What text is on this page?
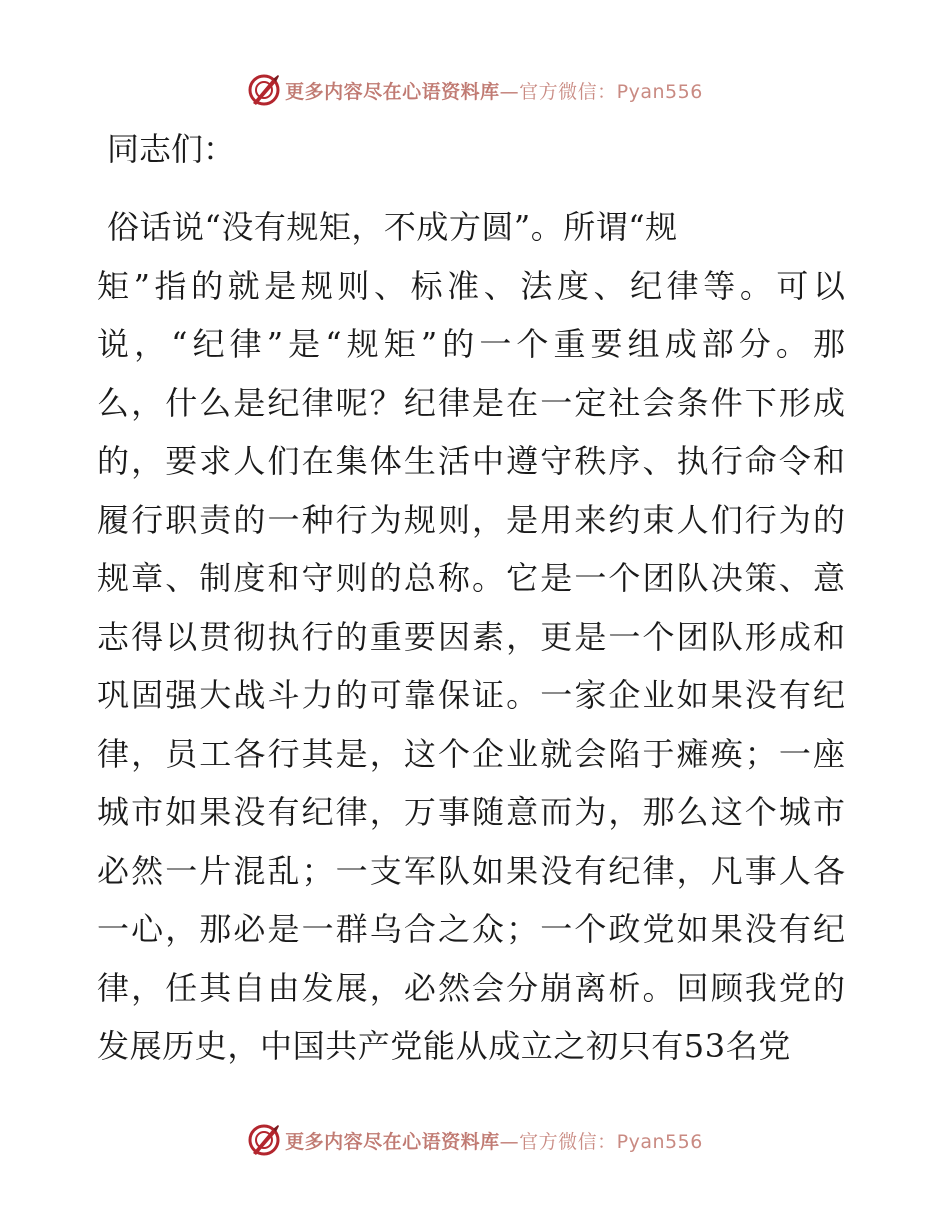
更多内容尽在心语资料库—官方微信：Pyan556

同志们：

俗话说“没有规矩，不成方圆”。所谓“规

矩”指的就是规则、标准、法度、纪律等。可以

说，“纪律”是“规矩”的一个重要组成部分。那

么，什么是纪律呢？纪律是在一定社会条件下形成

的，要求人们在集体生活中遵守秩序、执行命令和

履行职责的一种行为规则，是用来约束人们行为的

规章、制度和守则的总称。它是一个团队决策、意

志得以贯彻执行的重要因素，更是一个团队形成和

巩固强大战斗力的可靠保证。一家企业如果没有纪

律，员工各行其是，这个企业就会陷于瘫痪；一座

城市如果没有纪律，万事随意而为，那么这个城市

必然一片混乱；一支军队如果没有纪律，凡事人各

一心，那必是一群乌合之众；一个政党如果没有纪

律，任其自由发展，必然会分崩离析。回顾我党的

发展历史，中国共产党能从成立之初只有53名党

更多内容尽在心语资料库—官方微信：Pyan556
